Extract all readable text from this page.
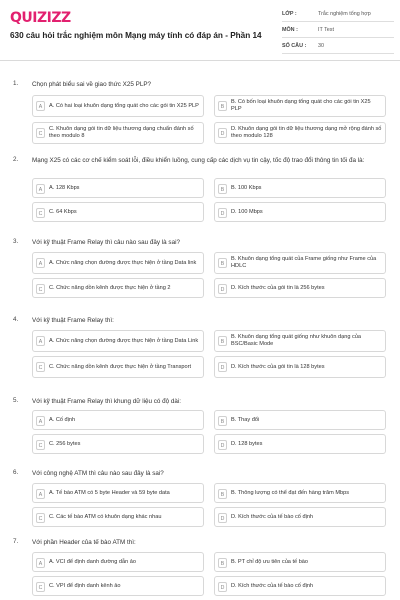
QUIZIZZ
630 câu hỏi trắc nghiệm môn Mạng máy tính có đáp án - Phần 14
LỚP :	Trắc nghiệm tổng hợp
MÔN :	IT Test
SỐ CÂU :	30
1. Chọn phát biểu sai về giao thức X25 PLP?
A	A. Có hai loại khuôn dạng tổng quát cho các gói tin X25 PLP	B
B. Có bốn loại khuôn dạng tổng quát cho các gói tin X25 PLP
C
C. Khuôn dạng gói tin dữ liệu thương dạng chuẩn đánh số theo modulo 8	D
D. Khuôn dạng gói tin dữ liệu thương dạng mở rộng đánh số theo modulo 128
2. Mạng X25 có các cơ chế kiểm soát lỗi, điều khiển luồng, cung cấp các dịch vụ tin cậy, tốc độ trao đổi thông tin tối đa là:
A	A. 128 Kbps	B	B. 100 Kbps
C	C. 64 Kbps	D	D. 100 Mbps
3. Với kỹ thuật Frame Relay thì câu nào sau đây là sai?
A	A. Chức năng chọn đường được thực hiện ở tầng Data link	B
B. Khuôn dạng tổng quát của Frame giống như Frame của HDLC
C	C. Chức năng dồn kênh được thực hiện ở tầng 2	D	D. Kích thước của gói tin là 256 bytes
4. Với kỹ thuật Frame Relay thì:
A	A. Chức năng chọn đường được thực hiện ở tầng Data Link	B
B. Khuôn dạng tổng quát giống như khuôn dạng của BSC/Basic Mode
C	C. Chức năng dồn kênh được thực hiện ở tầng Transport	D	D. Kích thước của gói tin là 128 bytes
5. Với kỹ thuật Frame Relay thì khung dữ liệu có độ dài:
A	A. Cố định	B	B. Thay đổi
C	C. 256 bytes	D	D. 128 bytes
6. Với công nghệ ATM thì câu nào sau đây là sai?
A	A. Tế bào ATM có 5 byte Header và 59 byte data	B	B. Thông lượng có thể đạt đến hàng trăm Mbps
C	C. Các tế bào ATM có khuôn dạng khác nhau	D	D. Kích thước của tế bào cố định
7. Với phần Header của tế bào ATM thì:
A	A. VCI để định danh đường dẫn ảo	B	B. PT chỉ độ ưu tiên của tế bào
C	C. VPI để định danh kênh ảo	D	D. Kích thước của tế bào cố định
